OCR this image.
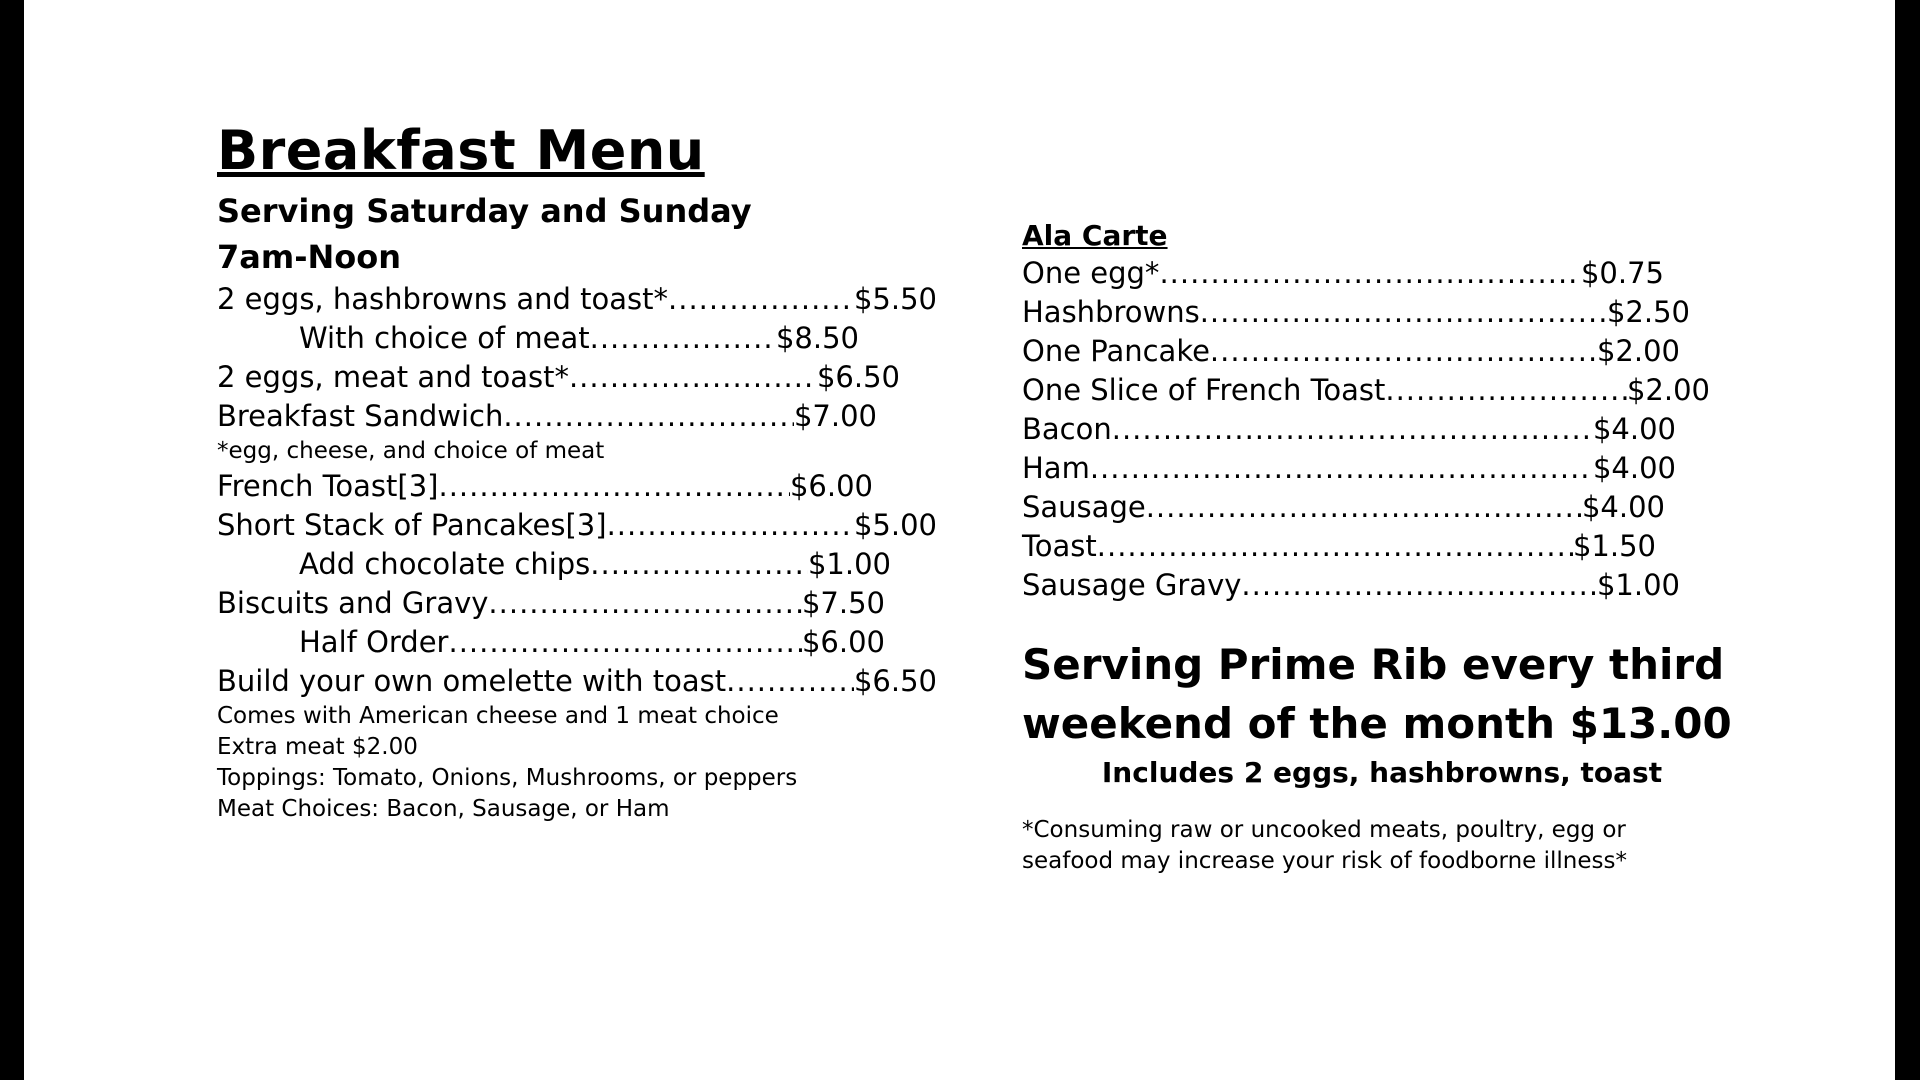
Breakfast Menu
Serving Saturday and Sunday
7am-Noon
2 eggs, hashbrowns and toast* .....	$5.50
With choice of meat .....	$8.50
2 eggs, meat and toast* .....	$6.50
Breakfast Sandwich .....	$7.00
*egg, cheese, and choice of meat
French Toast[3] .....	$6.00
Short Stack of Pancakes[3] .....	$5.00
Add chocolate chips .....	$1.00
Biscuits and Gravy .....	$7.50
Half Order .....	$6.00
Build your own omelette with toast .....	$6.50
Comes with American cheese and 1 meat choice
Extra meat $2.00
Toppings: Tomato, Onions, Mushrooms, or peppers
Meat Choices: Bacon, Sausage, or Ham
Ala Carte
One egg* .....	$0.75
Hashbrowns .....	$2.50
One Pancake .....	$2.00
One Slice of French Toast .....	$2.00
Bacon .....	$4.00
Ham .....	$4.00
Sausage .....	$4.00
Toast .....	$1.50
Sausage Gravy .....	$1.00
Serving Prime Rib every third
weekend of the month $13.00
Includes 2 eggs, hashbrowns, toast
*Consuming raw or uncooked meats, poultry, egg or
seafood may increase your risk of foodborne illness*
